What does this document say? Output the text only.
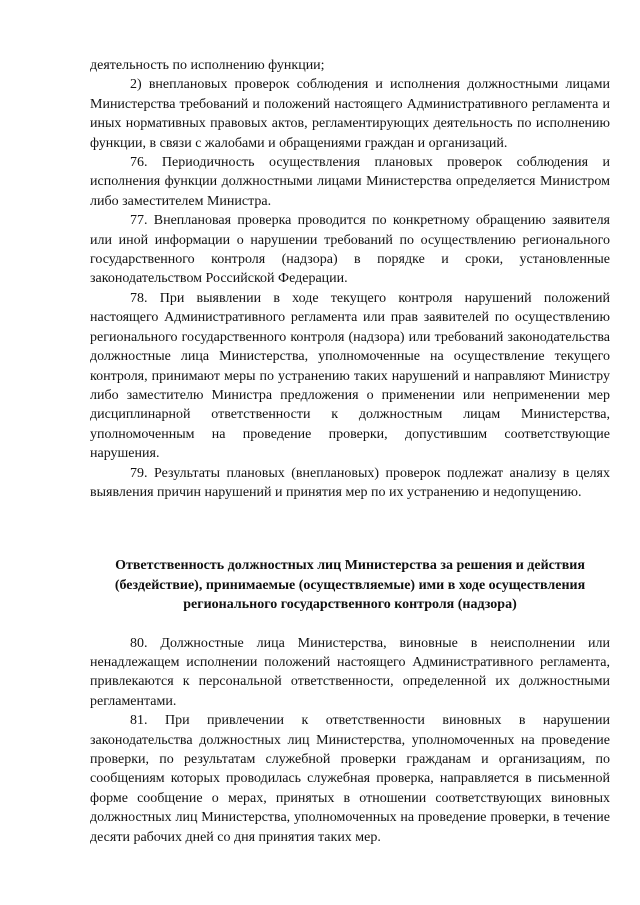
деятельность по исполнению функции;

2) внеплановых проверок соблюдения и исполнения должностными лицами Министерства требований и положений настоящего Административного регламента и иных нормативных правовых актов, регламентирующих деятельность по исполнению функции, в связи с жалобами и обращениями граждан и организаций.

76. Периодичность осуществления плановых проверок соблюдения и исполнения функции должностными лицами Министерства определяется Министром либо заместителем Министра.

77. Внеплановая проверка проводится по конкретному обращению заявителя или иной информации о нарушении требований по осуществлению регионального государственного контроля (надзора) в порядке и сроки, установленные законодательством Российской Федерации.

78. При выявлении в ходе текущего контроля нарушений положений настоящего Административного регламента или прав заявителей по осуществлению регионального государственного контроля (надзора) или требований законодательства должностные лица Министерства, уполномоченные на осуществление текущего контроля, принимают меры по устранению таких нарушений и направляют Министру либо заместителю Министра предложения о применении или неприменении мер дисциплинарной ответственности к должностным лицам Министерства, уполномоченным на проведение проверки, допустившим соответствующие нарушения.

79. Результаты плановых (внеплановых) проверок подлежат анализу в целях выявления причин нарушений и принятия мер по их устранению и недопущению.

Ответственность должностных лиц Министерства за решения и действия
(бездействие), принимаемые (осуществляемые) ими в ходе осуществления
регионального государственного контроля (надзора)

80. Должностные лица Министерства, виновные в неисполнении или ненадлежащем исполнении положений настоящего Административного регламента, привлекаются к персональной ответственности, определенной их должностными регламентами.

81. При привлечении к ответственности виновных в нарушении законодательства должностных лиц Министерства, уполномоченных на проведение проверки, по результатам служебной проверки гражданам и организациям, по сообщениям которых проводилась служебная проверка, направляется в письменной форме сообщение о мерах, принятых в отношении соответствующих виновных должностных лиц Министерства, уполномоченных на проведение проверки, в течение десяти рабочих дней со дня принятия таких мер.
